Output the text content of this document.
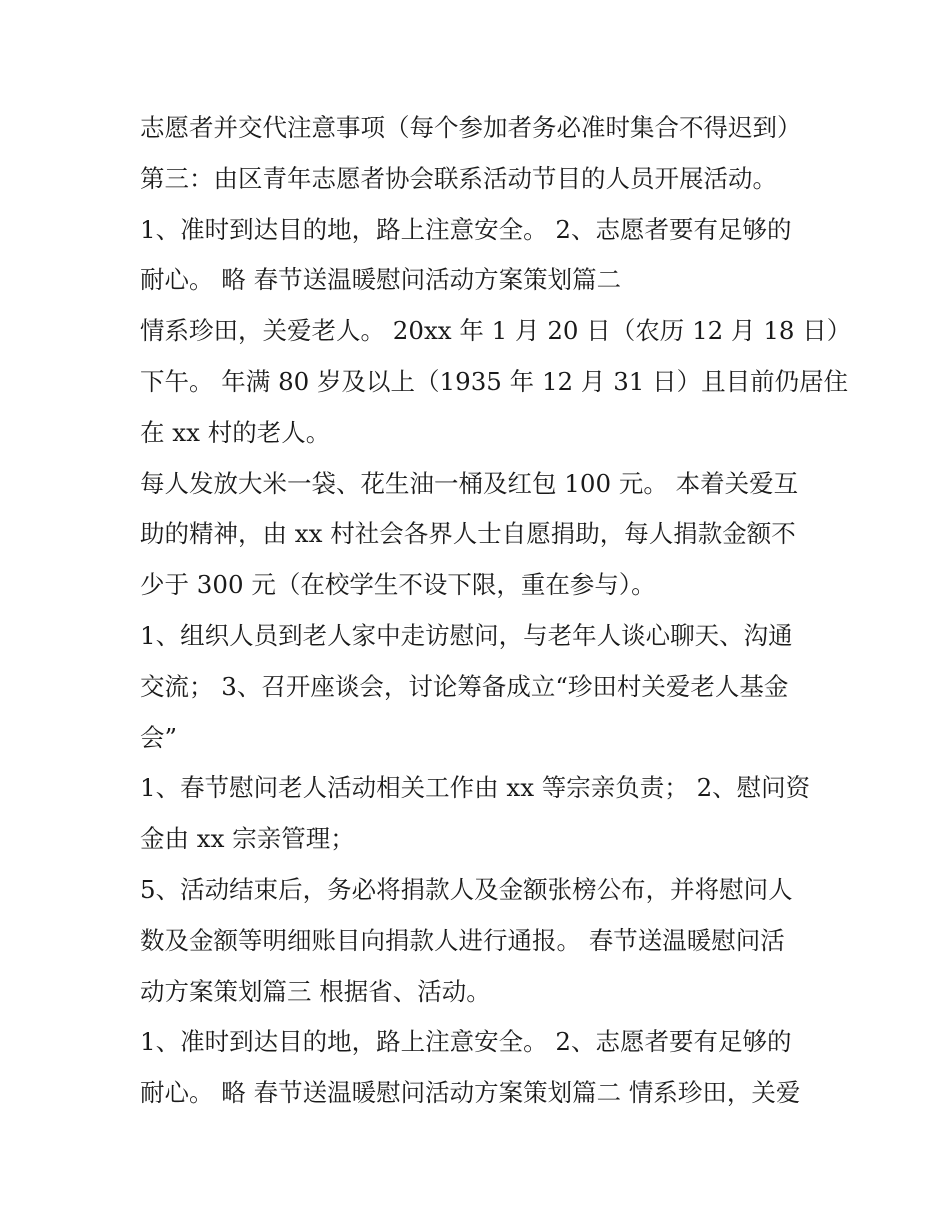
志愿者并交代注意事项（每个参加者务必准时集合不得迟到）
第三：由区青年志愿者协会联系活动节目的人员开展活动。
1、准时到达目的地，路上注意安全。 2、志愿者要有足够的
耐心。 略 春节送温暖慰问活动方案策划篇二
情系珍田，关爱老人。 20xx 年 1 月 20 日（农历 12 月 18 日）
下午。 年满 80 岁及以上（1935 年 12 月 31 日）且目前仍居住
在 xx 村的老人。
每人发放大米一袋、花生油一桶及红包 100 元。 本着关爱互
助的精神，由 xx 村社会各界人士自愿捐助，每人捐款金额不
少于 300 元（在校学生不设下限，重在参与）。
1、组织人员到老人家中走访慰问，与老年人谈心聊天、沟通
交流； 3、召开座谈会，讨论筹备成立“珍田村关爱老人基金
会”
1、春节慰问老人活动相关工作由 xx 等宗亲负责； 2、慰问资
金由 xx 宗亲管理；
5、活动结束后，务必将捐款人及金额张榜公布，并将慰问人
数及金额等明细账目向捐款人进行通报。 春节送温暖慰问活
动方案策划篇三 根据省、活动。
1、准时到达目的地，路上注意安全。 2、志愿者要有足够的
耐心。 略 春节送温暖慰问活动方案策划篇二 情系珍田，关爱
